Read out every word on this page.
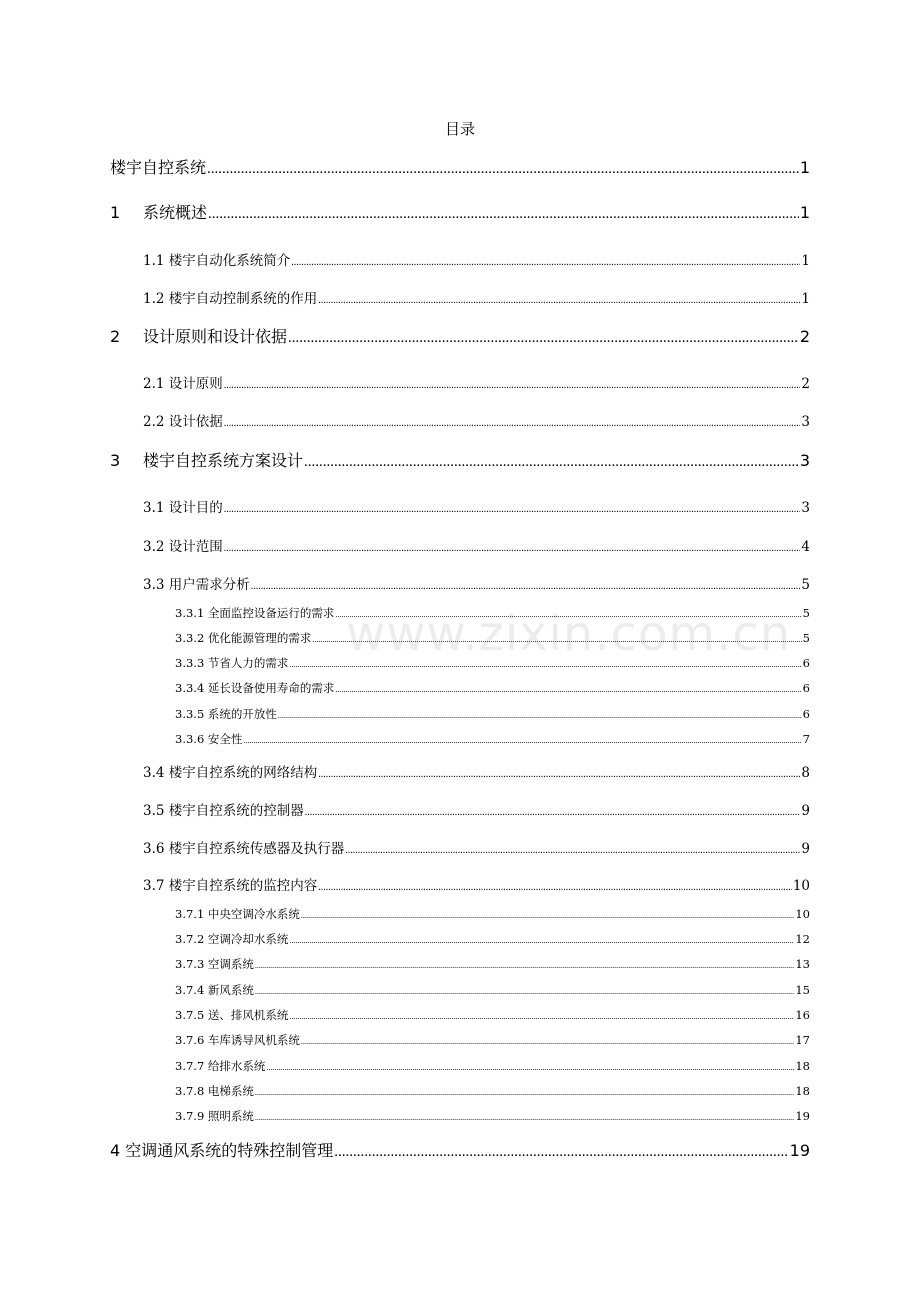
目录
www.zixin.com.cn
楼宇自控系统 .....	1
1	系统概述 .....	1
1.1 楼宇自动化系统简介 .....	1
1.2 楼宇自动控制系统的作用 .....	1
2	设计原则和设计依据 .....	2
2.1 设计原则 .....	2
2.2 设计依据 .....	3
3	楼宇自控系统方案设计 .....	3
3.1 设计目的 .....	3
3.2 设计范围 .....	4
3.3 用户需求分析 .....	5
3.3.1 全面监控设备运行的需求 .....	5
3.3.2 优化能源管理的需求 .....	5
3.3.3 节省人力的需求 .....	6
3.3.4 延长设备使用寿命的需求 .....	6
3.3.5 系统的开放性 .....	6
3.3.6 安全性 .....	7
3.4 楼宇自控系统的网络结构 .....	8
3.5 楼宇自控系统的控制器 .....	9
3.6 楼宇自控系统传感器及执行器 .....	9
3.7 楼宇自控系统的监控内容 .....	10
3.7.1 中央空调冷水系统 .....	10
3.7.2 空调冷却水系统 .....	12
3.7.3 空调系统 .....	13
3.7.4 新风系统 .....	15
3.7.5 送、排风机系统 .....	16
3.7.6 车库诱导风机系统 .....	17
3.7.7 给排水系统 .....	18
3.7.8 电梯系统 .....	18
3.7.9 照明系统 .....	19
4 空调通风系统的特殊控制管理 .....	19
